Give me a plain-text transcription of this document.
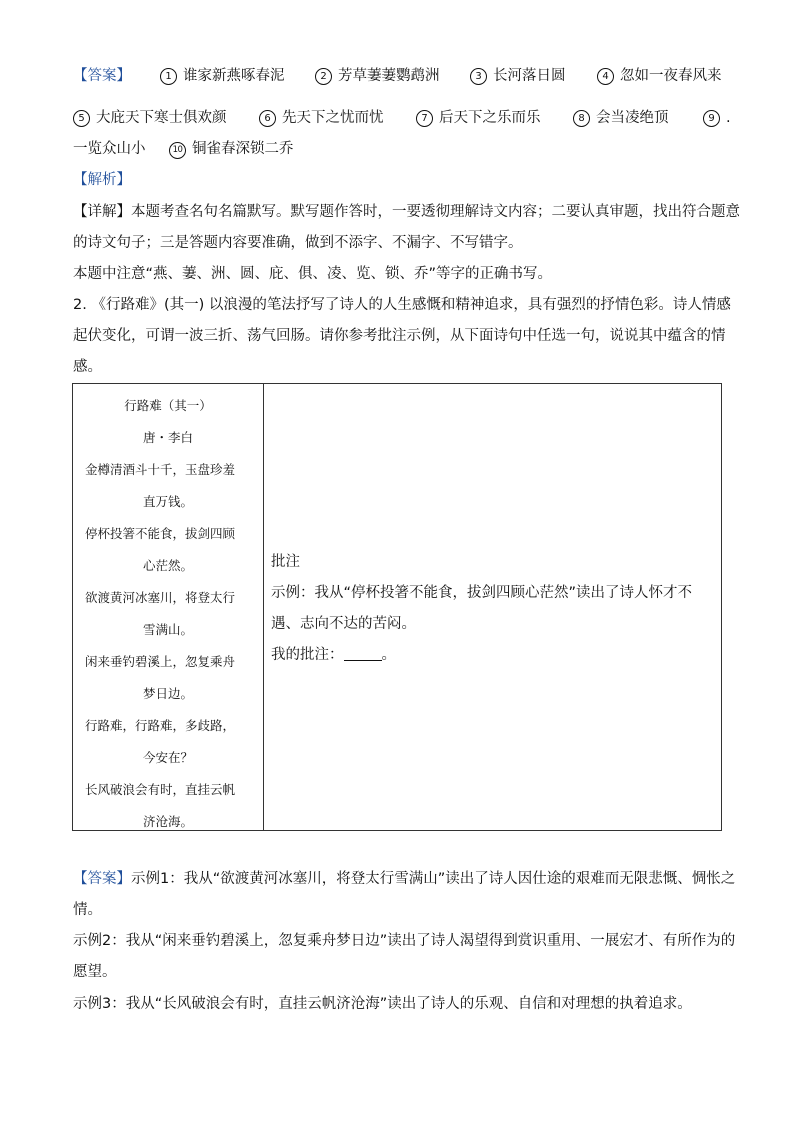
【答案】	1 谁家新燕啄春泥	2 芳草萋萋鹦鹉洲	3 长河落日圆	4 忽如一夜春风来
5 大庇天下寒士俱欢颜	6 先天下之忧而忧	7 后天下之乐而乐	8 会当凌绝顶	9 .
一览众山小	10 铜雀春深锁二乔
【解析】
【详解】本题考查名句名篇默写。默写题作答时，一要透彻理解诗文内容；二要认真审题，找出符合题意
的诗文句子；三是答题内容要准确，做到不添字、不漏字、不写错字。
本题中注意“燕、萋、洲、圆、庇、俱、凌、览、锁、乔”等字的正确书写。
2. 《行路难》(其一) 以浪漫的笔法抒写了诗人的人生感慨和精神追求，具有强烈的抒情色彩。诗人情感
起伏变化，可谓一波三折、荡气回肠。请你参考批注示例，从下面诗句中任选一句，说说其中蕴含的情
感。
行路难（其一）
唐・李白
金樽清酒斗十千，玉盘珍羞
直万钱。
停杯投箸不能食，拔剑四顾
心茫然。
欲渡黄河冰塞川，将登太行
雪满山。
闲来垂钓碧溪上，忽复乘舟
梦日边。
行路难，行路难，多歧路，
今安在？
长风破浪会有时，直挂云帆
济沧海。
批注
示例：我从“停杯投箸不能食，拔剑四顾心茫然”读出了诗人怀才不
遇、志向不达的苦闷。
我的批注：	。
【答案】示例1：我从“欲渡黄河冰塞川，将登太行雪满山”读出了诗人因仕途的艰难而无限悲慨、惆怅之
情。
示例2：我从“闲来垂钓碧溪上，忽复乘舟梦日边”读出了诗人渴望得到赏识重用、一展宏才、有所作为的
愿望。
示例3：我从“长风破浪会有时，直挂云帆济沧海”读出了诗人的乐观、自信和对理想的执着追求。
